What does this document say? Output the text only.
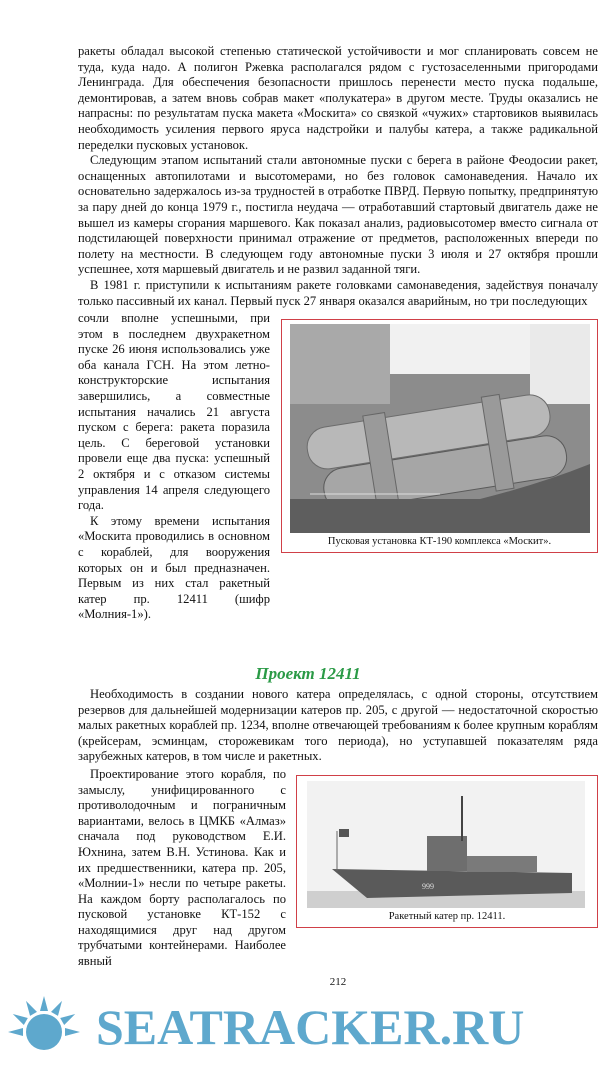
ракеты обладал высокой степенью статической устойчивости и мог спланировать совсем не туда, куда надо. А полигон Ржевка располагался рядом с густозаселенными пригородами Ленинграда. Для обеспечения безопасности пришлось перенести место пуска подальше, демонтировав, а затем вновь собрав макет «полукатера» в другом месте. Труды оказались не напрасны: по результатам пуска макета «Москита» со связкой «чужих» стартовиков выявилась необходимость усиления первого яруса надстройки и палубы катера, а также радикальной переделки пусковых установок.

Следующим этапом испытаний стали автономные пуски с берега в районе Феодосии ракет, оснащенных автопилотами и высотомерами, но без головок самонаведения. Начало их основательно задержалось из-за трудностей в отработке ПВРД. Первую попытку, предпринятую за пару дней до конца 1979 г., постигла неудача — отработавший стартовый двигатель даже не вышел из камеры сгорания маршевого. Как показал анализ, радиовысотомер вместо сигнала от подстилающей поверхности принимал отражение от предметов, расположенных впереди по полету на местности. В следующем году автономные пуски 3 июля и 27 октября прошли успешнее, хотя маршевый двигатель и не развил заданной тяги.

В 1981 г. приступили к испытаниям ракете головками самонаведения, задействуя поначалу только пассивный их канал. Первый пуск 27 января оказался аварийным, но три последующих

сочли вполне успешными, при этом в последнем двухракетном пуске 26 июня использовались уже оба канала ГСН. На этом летно-конструкторские испытания завершились, а совместные испытания начались 21 августа пуском с берега: ракета поразила цель. С береговой установки провели еще два пуска: успешный 2 октября и с отказом системы управления 14 апреля следующего года.

К этому времени испытания «Москита проводились в основном с кораблей, для вооружения которых он и был предназначен. Первым из них стал ракетный катер пр. 12411 (шифр «Молния-1»).

Пусковая установка КТ-190 комплекса «Москит».
Проект 12411

Необходимость в создании нового катера определялась, с одной стороны, отсутствием резервов для дальнейшей модернизации катеров пр. 205, с другой — недостаточной скоростью малых ракетных кораблей пр. 1234, вполне отвечающей требованиям к более крупным кораблям (крейсерам, эсминцам, сторожевикам того периода), но уступавшей показателям ряда зарубежных катеров, в том числе и ракетных.

Проектирование этого корабля, по замыслу, унифицированного с противолодочным и пограничным вариантами, велось в ЦМКБ «Алмаз» сначала под руководством Е.И. Юхнина, затем В.Н. Устинова. Как и их предшественники, катера пр. 205, «Молнии-1» несли по четыре ракеты. На каждом борту располагалось по пусковой установке КТ-152 с находящимися друг над другом трубчатыми контейнерами. Наиболее явный

999
Ракетный катер пр. 12411.
212
SEATRACKER.RU
